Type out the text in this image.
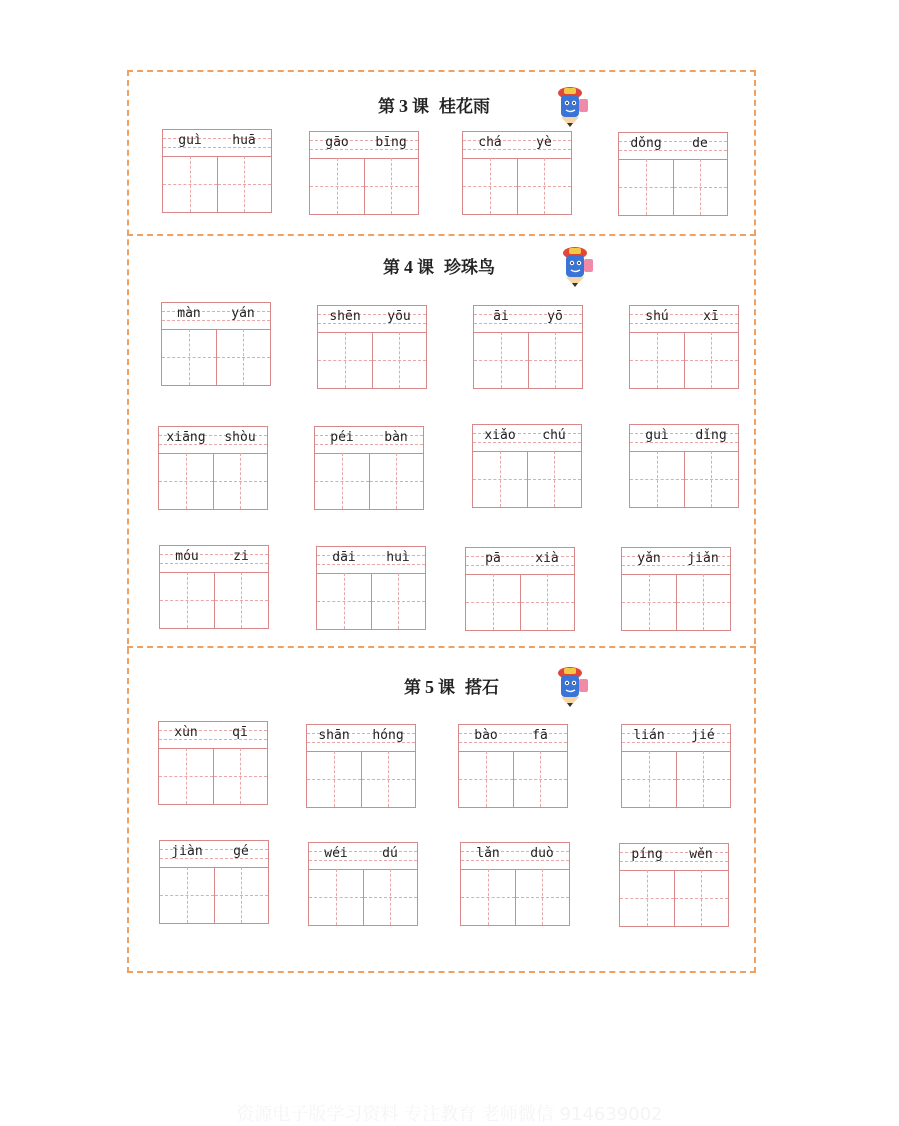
第 3 课 桂花雨
guì	huā	gāo	bīng	chá	yè	dǒng	de
第 4 课 珍珠鸟
màn	yán	shēn	yōu	āi	yō	shú	xī
xiāng	shòu	péi	bàn	xiǎo	chú	guì	dǐng
móu	zi	dāi	huì	pā	xià	yǎn	jiǎn
第 5 课 搭石
xùn	qī	shān	hóng	bào	fā	lián	jié
jiàn	gé	wéi	dú	lǎn	duò	píng	wěn
资源电子版学习资料 专注教育 老师微信 914639002
